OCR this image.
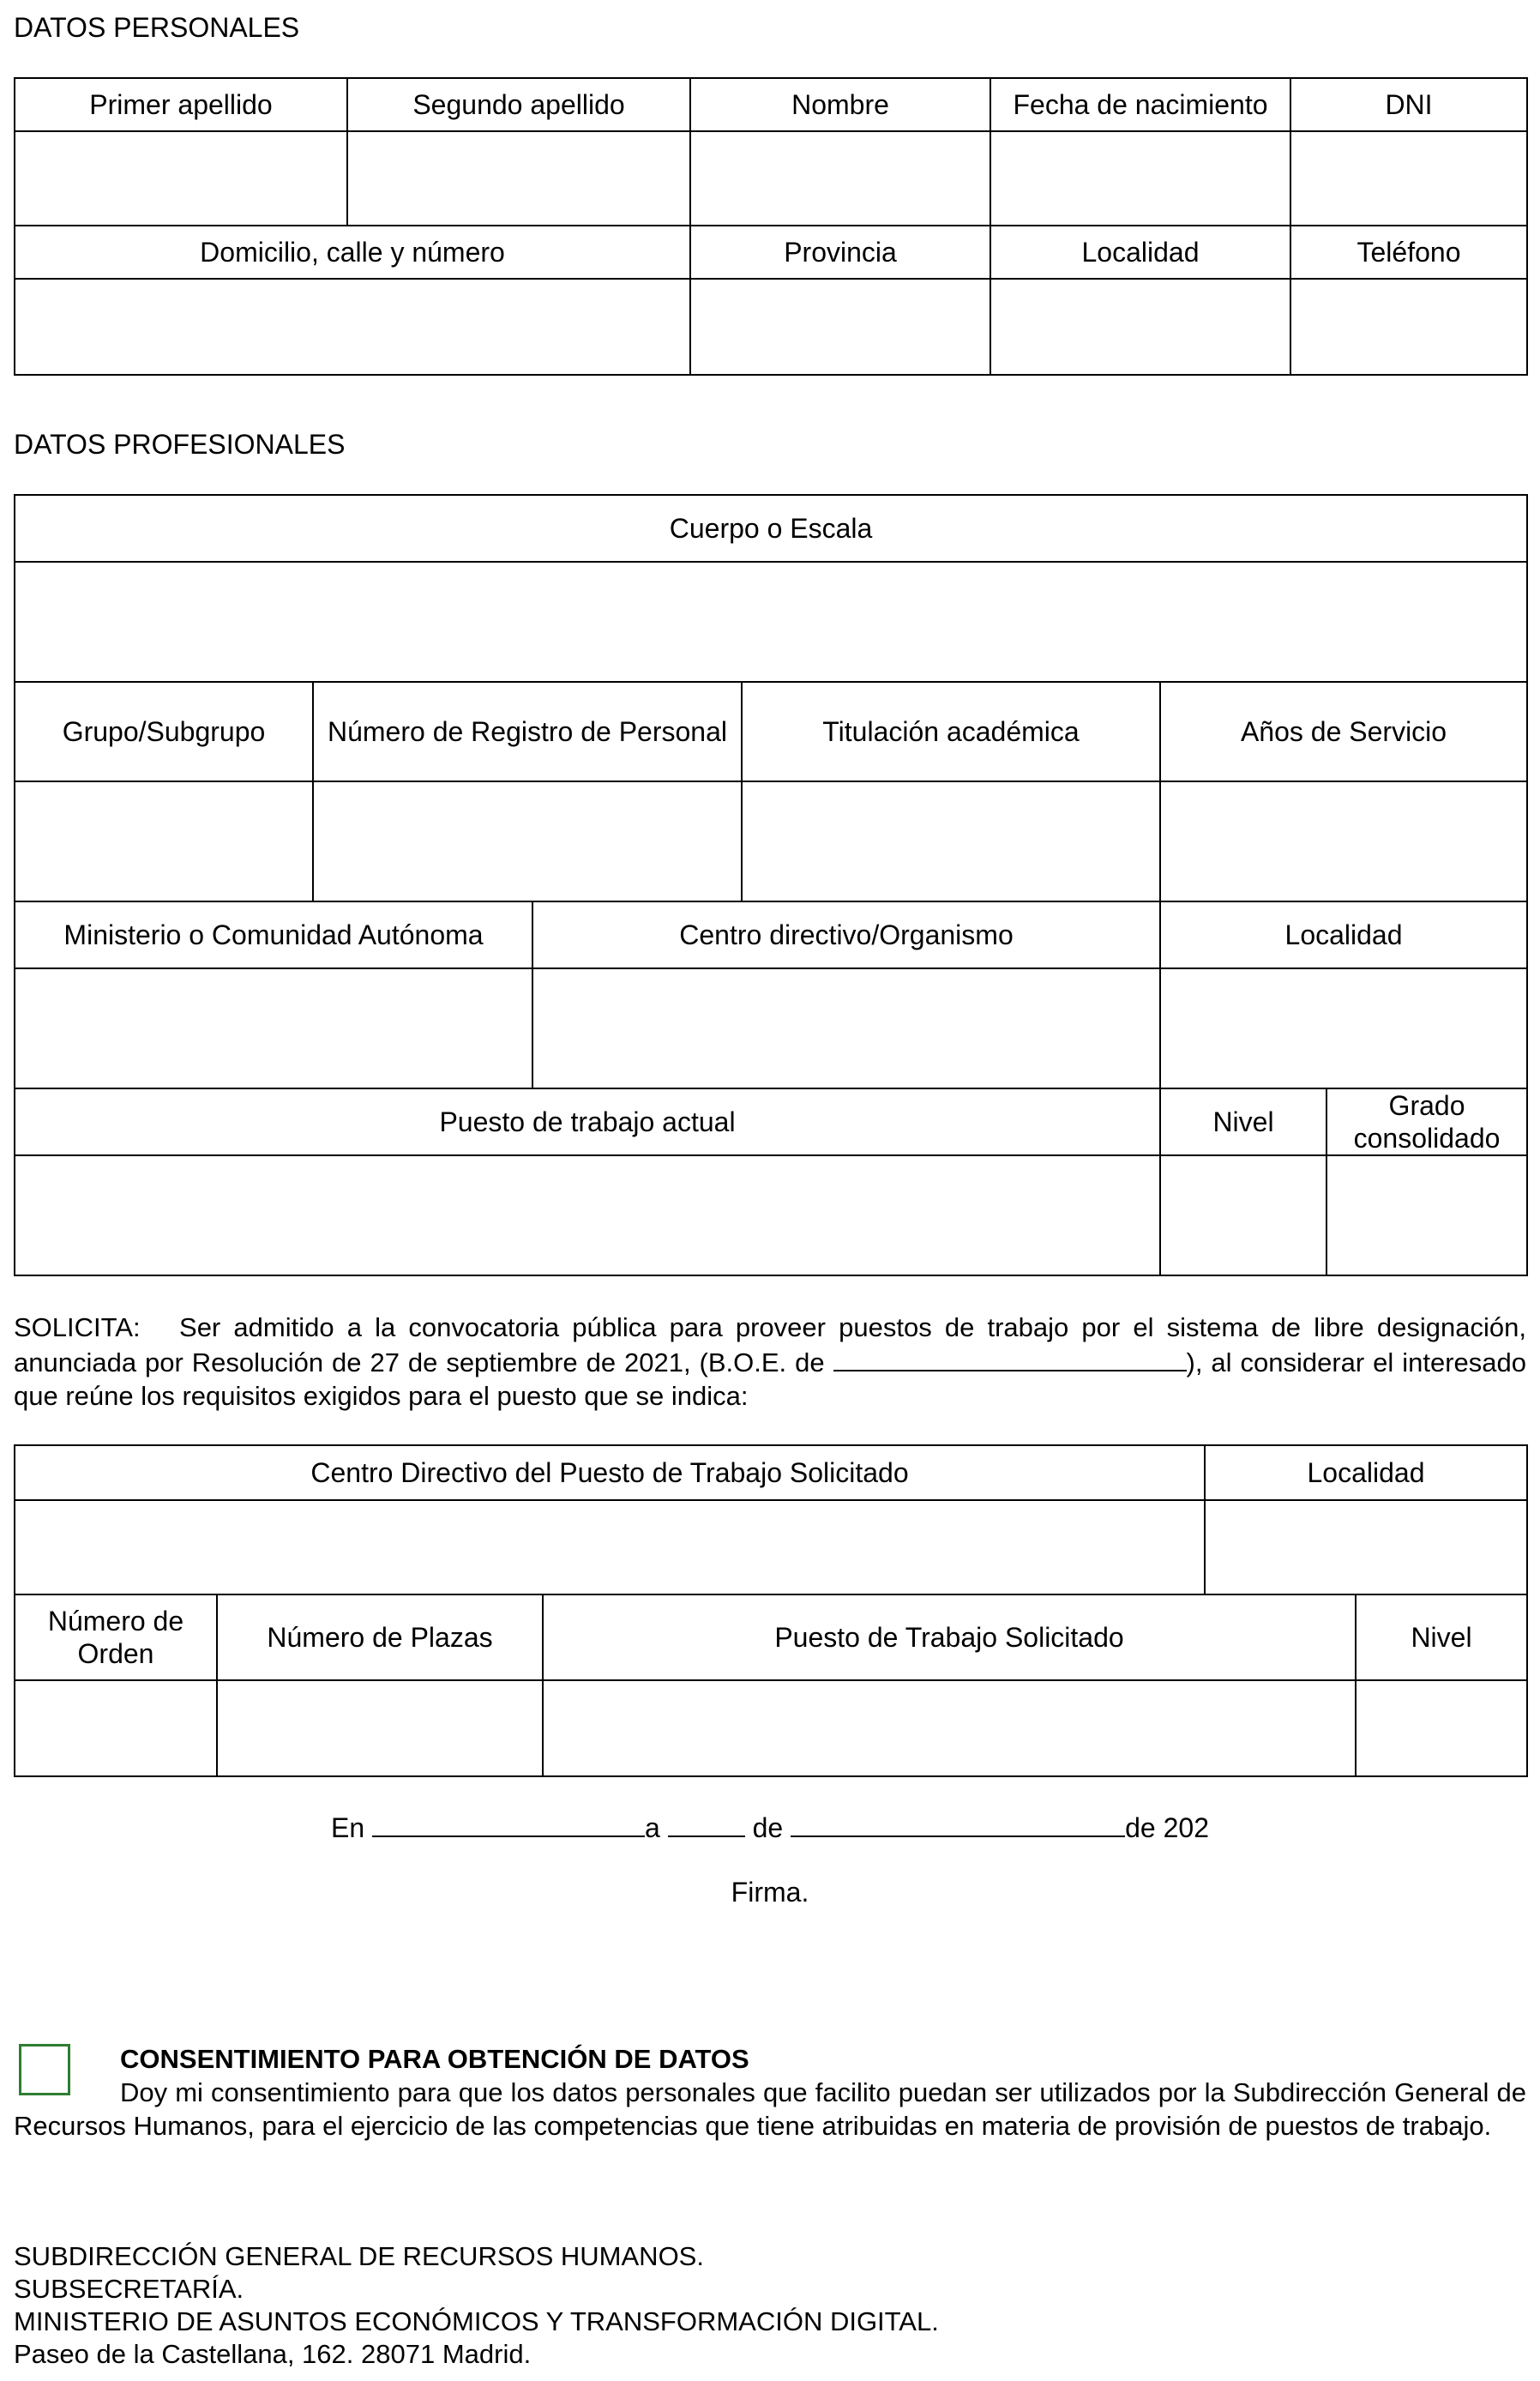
DATOS PERSONALES
Primer apellido	Segundo apellido	Nombre	Fecha de nacimiento	DNI

Domicilio, calle y número		Provincia	Localidad	Teléfono

DATOS PROFESIONALES
Cuerpo o Escala					

Grupo/Subgrupo	Número de Registro de Personal		Titulación académica	Años de Servicio	

Ministerio o Comunidad Autónoma		Centro directivo/Organismo		Localidad	

Puesto de trabajo actual				Nivel	Grado consolidado

SOLICITA: Ser admitido a la convocatoria pública para proveer puestos de trabajo por el sistema de libre designación, anunciada por Resolución de 27 de septiembre de 2021, (B.O.E. de	), al considerar el interesado que reúne los requisitos exigidos para el puesto que se indica:
Centro Directivo del Puesto de Trabajo Solicitado			Localidad	

Número de Orden	Número de Plazas	Puesto de Trabajo Solicitado		Nivel

En	a	de	de 202
Firma.
CONSENTIMIENTO PARA OBTENCIÓN DE DATOS
Doy mi consentimiento para que los datos personales que facilito puedan ser utilizados por la Subdirección General de Recursos Humanos, para el ejercicio de las competencias que tiene atribuidas en materia de provisión de puestos de trabajo.
SUBDIRECCIÓN GENERAL DE RECURSOS HUMANOS.
SUBSECRETARÍA.
MINISTERIO DE ASUNTOS ECONÓMICOS Y TRANSFORMACIÓN DIGITAL.
Paseo de la Castellana, 162. 28071 Madrid.
